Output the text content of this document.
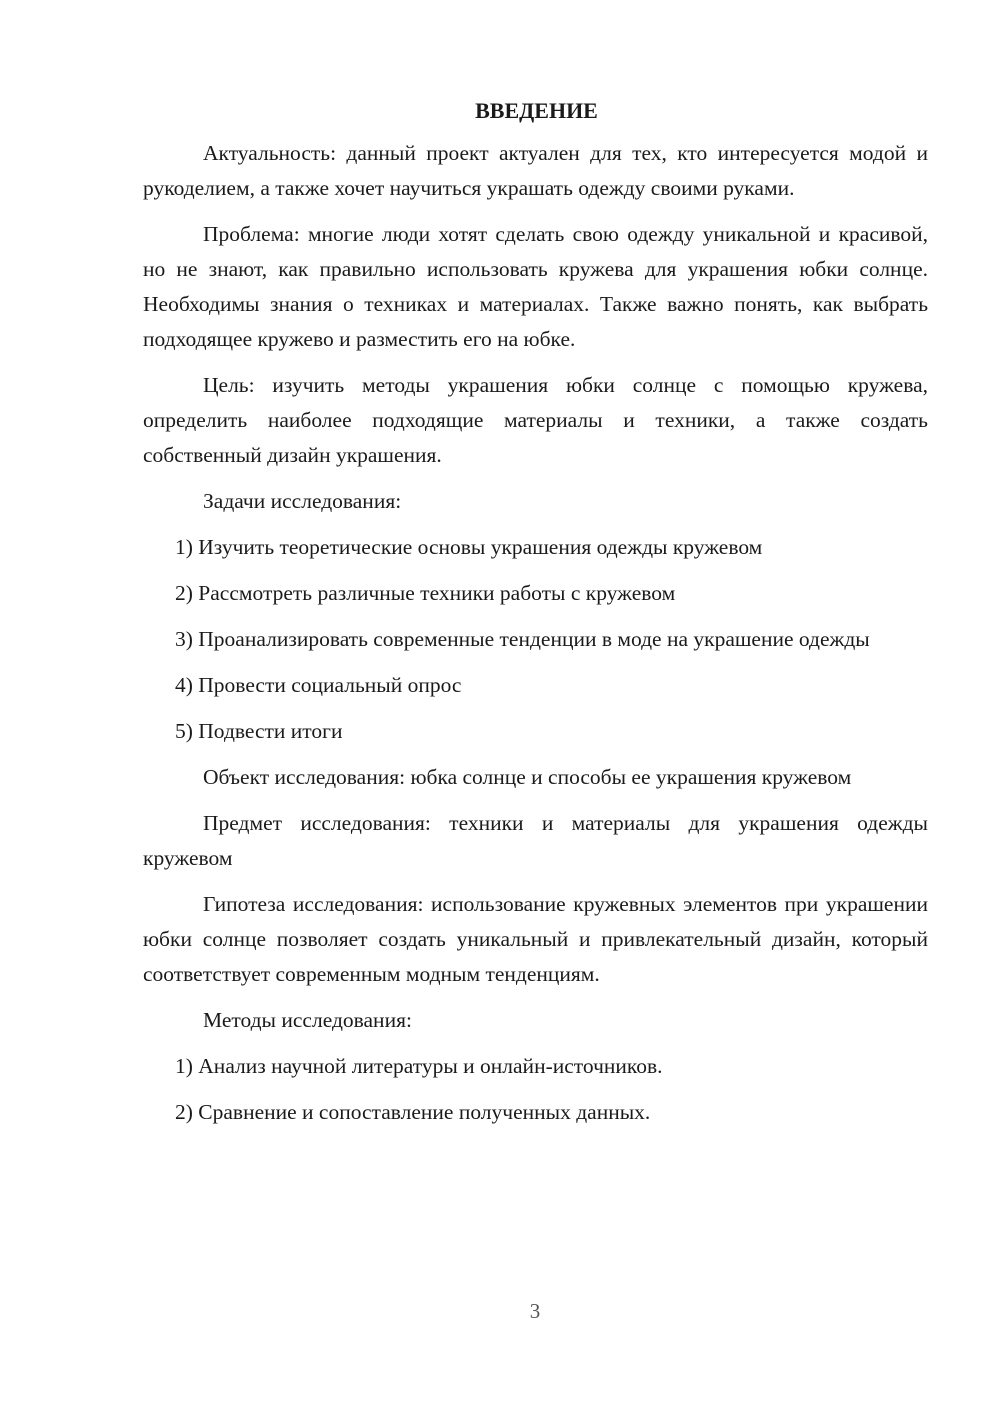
ВВЕДЕНИЕ

Актуальность: данный проект актуален для тех, кто интересуется модой и рукоделием, а также хочет научиться украшать одежду своими руками.

Проблема: многие люди хотят сделать свою одежду уникальной и красивой, но не знают, как правильно использовать кружева для украшения юбки солнце. Необходимы знания о техниках и материалах. Также важно понять, как выбрать подходящее кружево и разместить его на юбке.

Цель: изучить методы украшения юбки солнце с помощью кружева, определить наиболее подходящие материалы и техники, а также создать собственный дизайн украшения.

Задачи исследования:

1) Изучить теоретические основы украшения одежды кружевом

2) Рассмотреть различные техники работы с кружевом

3) Проанализировать современные тенденции в моде на украшение одежды

4) Провести социальный опрос

5) Подвести итоги

Объект исследования: юбка солнце и способы ее украшения кружевом

Предмет исследования: техники и материалы для украшения одежды кружевом

Гипотеза исследования: использование кружевных элементов при украшении юбки солнце позволяет создать уникальный и привлекательный дизайн, который соответствует современным модным тенденциям.

Методы исследования:

1) Анализ научной литературы и онлайн-источников.

2) Сравнение и сопоставление полученных данных.

3
